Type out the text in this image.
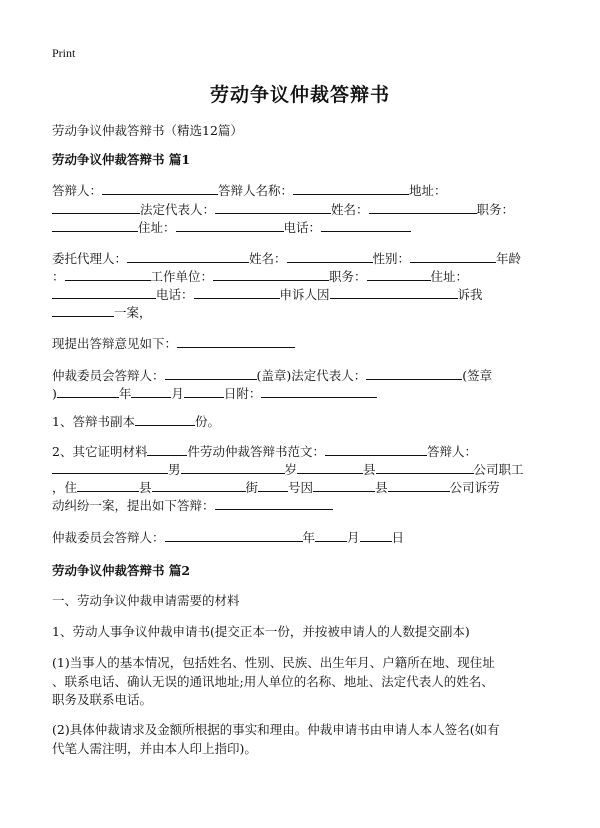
Print
劳动争议仲裁答辩书
劳动争议仲裁答辩书（精选12篇）
劳动争议仲裁答辩书 篇1
答辩人：	答辩人名称：	地址：
法定代表人：	姓名：	职务：
住址：	电话：
委托代理人：	姓名：	性别：	年龄
：	工作单位：	职务：	住址：
电话：	申诉人因	诉我
一案，
现提出答辩意见如下：
仲裁委员会答辩人：	(盖章)法定代表人：	(签章
)	年	月	日附：
1、答辩书副本	份。
2、其它证明材料	件劳动仲裁答辩书范文：	答辩人：
男	岁	县	公司职工
，住	县	街 号因	县	公司诉劳
动纠纷一案，提出如下答辩：
仲裁委员会答辩人：	年	月	日
劳动争议仲裁答辩书 篇2
一、劳动争议仲裁申请需要的材料
1、劳动人事争议仲裁申请书(提交正本一份，并按被申请人的人数提交副本)
(1)当事人的基本情况，包括姓名、性别、民族、出生年月、户籍所在地、现住址
、联系电话、确认无误的通讯地址;用人单位的名称、地址、法定代表人的姓名、
职务及联系电话。
(2)具体仲裁请求及金额所根据的事实和理由。仲裁申请书由申请人本人签名(如有
代笔人需注明，并由本人印上指印)。
